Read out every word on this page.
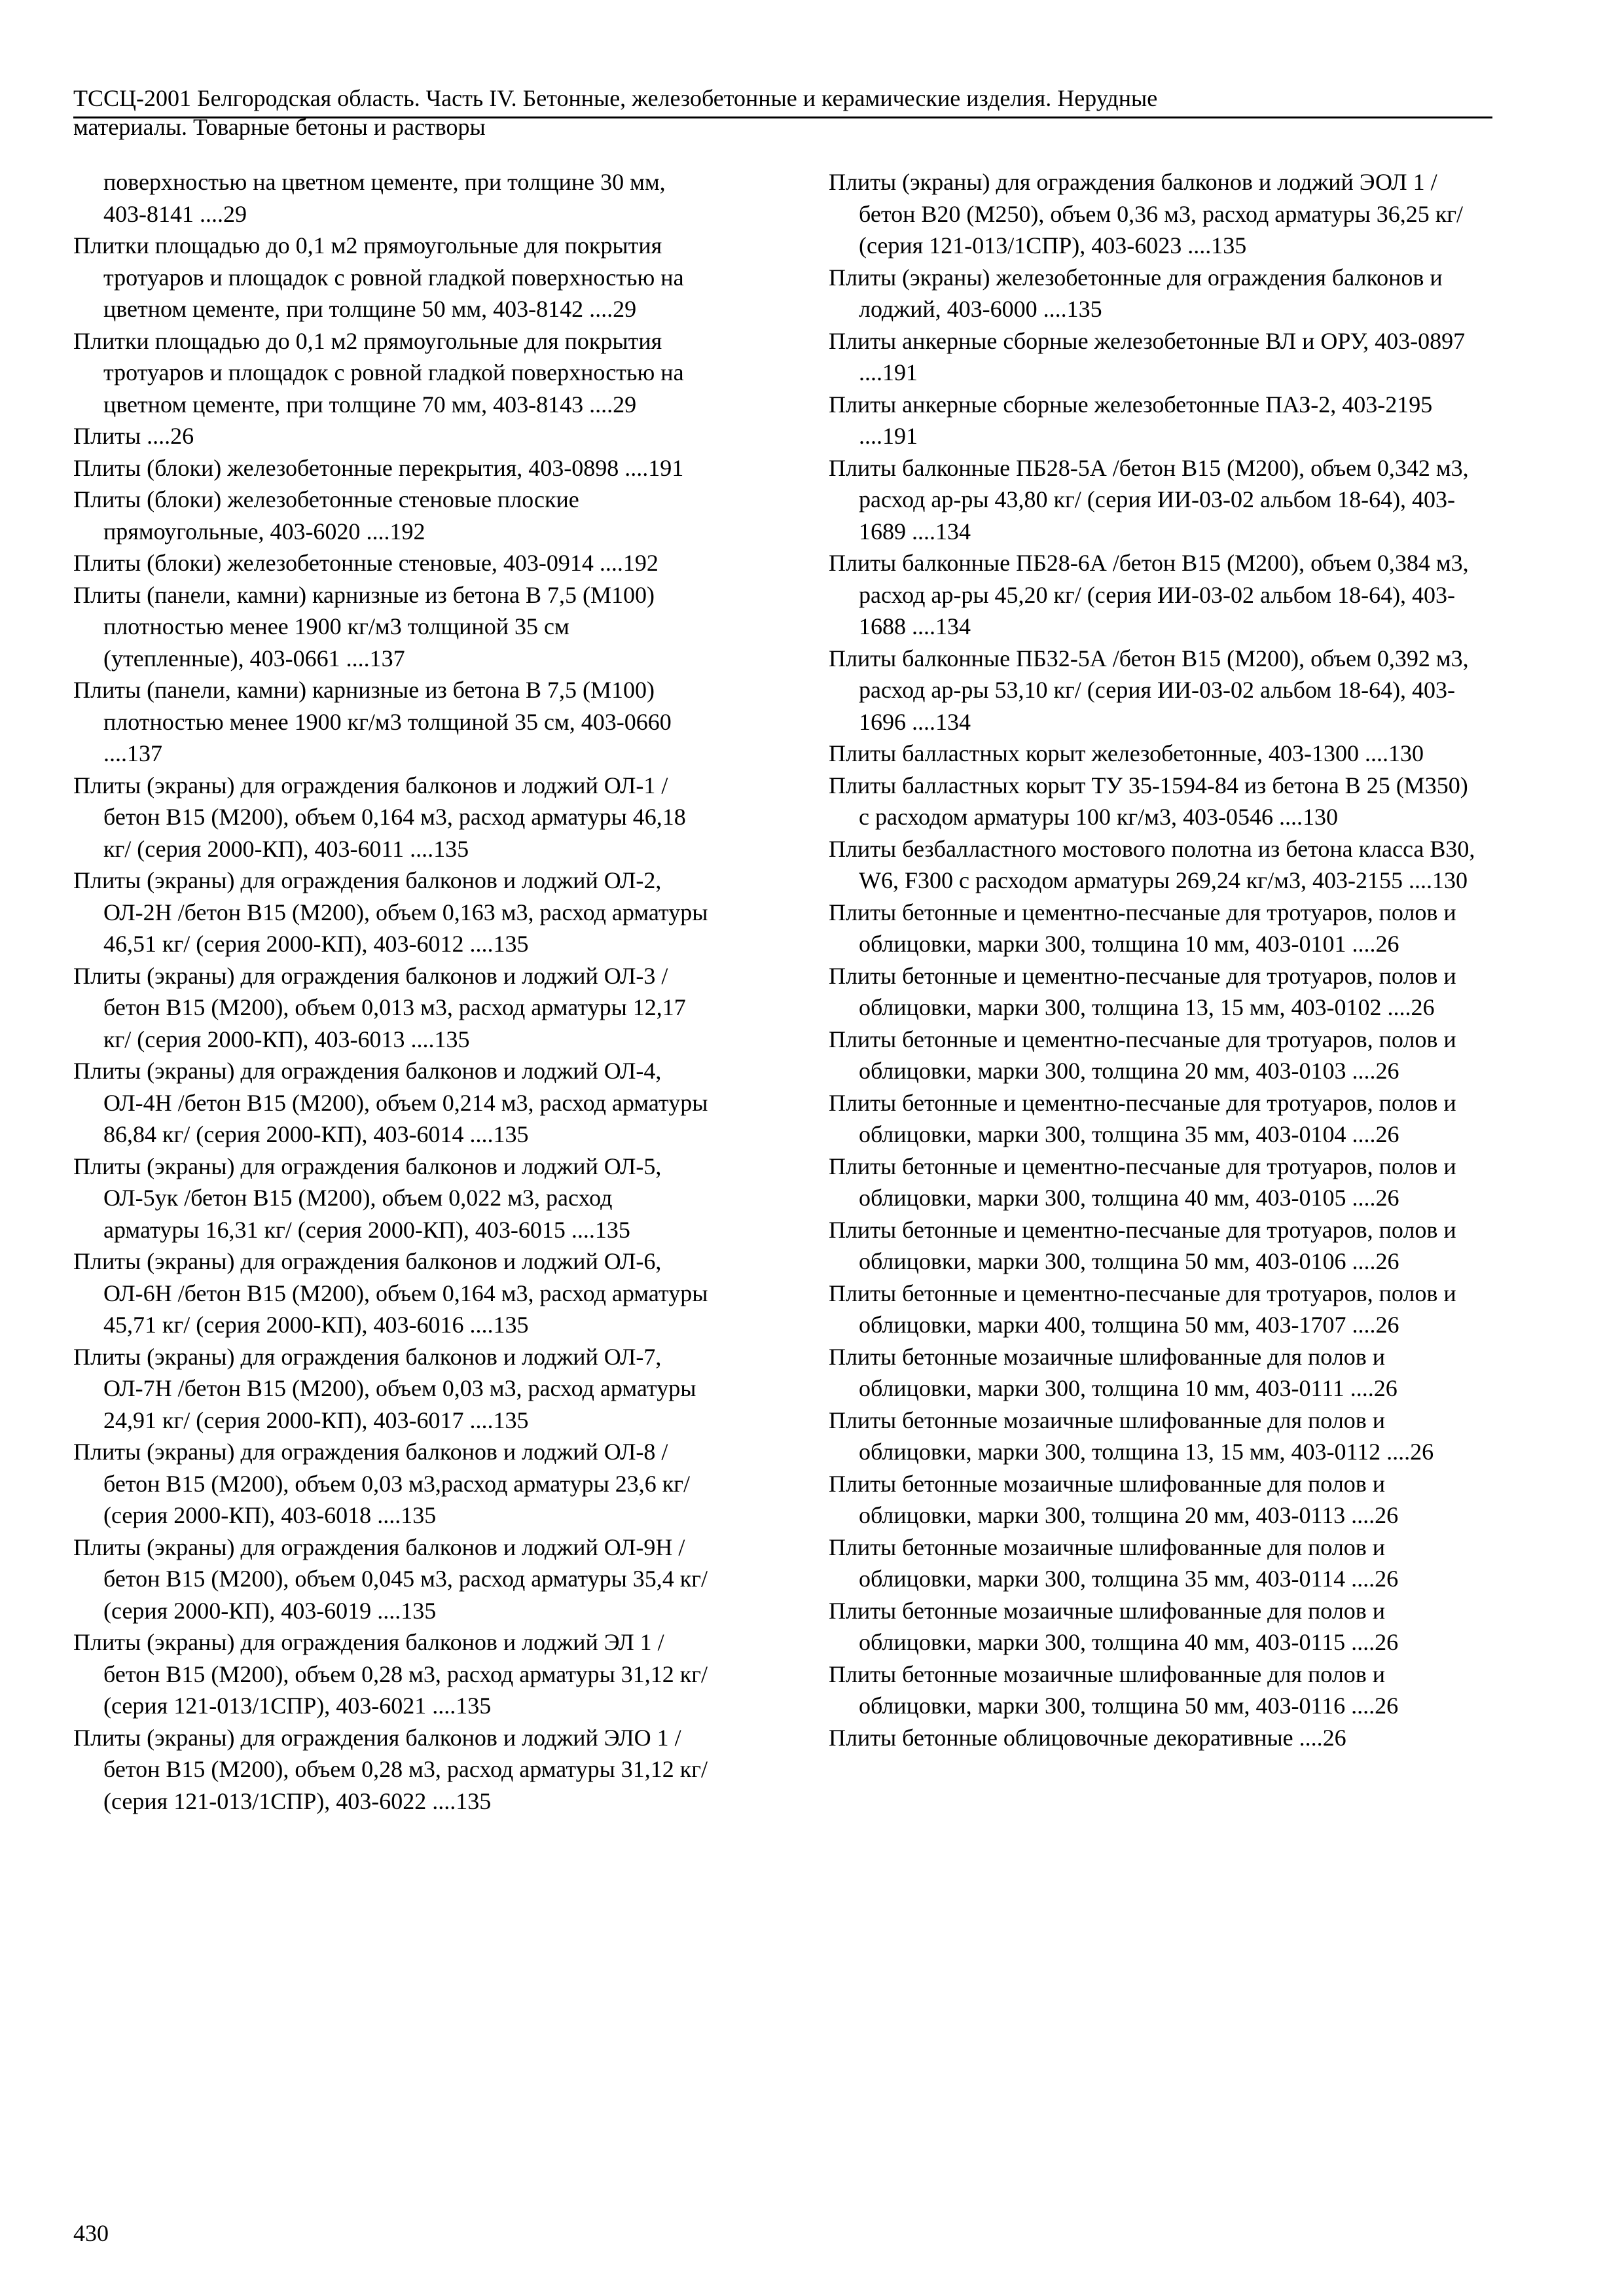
ТССЦ-2001 Белгородская область. Часть IV. Бетонные, железобетонные и керамические изделия. Нерудные
материалы. Товарные бетоны и растворы

поверхностью на цветном цементе, при толщине 30 мм, 403-8141 ....29

Плитки площадью до 0,1 м2 прямоугольные для покрытия тротуаров и площадок с ровной гладкой поверхностью на цветном цементе, при толщине 50 мм, 403-8142 ....29

Плитки площадью до 0,1 м2 прямоугольные для покрытия тротуаров и площадок с ровной гладкой поверхностью на цветном цементе, при толщине 70 мм, 403-8143 ....29

Плиты ....26

Плиты (блоки) железобетонные перекрытия, 403-0898 ....191

Плиты (блоки) железобетонные стеновые плоские прямоугольные, 403-6020 ....192

Плиты (блоки) железобетонные стеновые, 403-0914 ....192

Плиты (панели, камни) карнизные из бетона В 7,5 (М100) плотностью менее 1900 кг/м3 толщиной 35 см (утепленные), 403-0661 ....137

Плиты (панели, камни) карнизные из бетона В 7,5 (М100) плотностью менее 1900 кг/м3 толщиной 35 см, 403-0660 ....137

Плиты (экраны) для ограждения балконов и лоджий ОЛ-1 /бетон В15 (М200), объем 0,164 м3, расход арматуры 46,18 кг/ (серия 2000-КП), 403-6011 ....135

Плиты (экраны) для ограждения балконов и лоджий ОЛ-2, ОЛ-2Н /бетон В15 (М200), объем 0,163 м3, расход арматуры 46,51 кг/ (серия 2000-КП), 403-6012 ....135

Плиты (экраны) для ограждения балконов и лоджий ОЛ-3 /бетон В15 (М200), объем 0,013 м3, расход арматуры 12,17 кг/ (серия 2000-КП), 403-6013 ....135

Плиты (экраны) для ограждения балконов и лоджий ОЛ-4, ОЛ-4Н /бетон В15 (М200), объем 0,214 м3, расход арматуры 86,84 кг/ (серия 2000-КП), 403-6014 ....135

Плиты (экраны) для ограждения балконов и лоджий ОЛ-5, ОЛ-5ук /бетон В15 (М200), объем 0,022 м3, расход арматуры 16,31 кг/ (серия 2000-КП), 403-6015 ....135

Плиты (экраны) для ограждения балконов и лоджий ОЛ-6, ОЛ-6Н /бетон В15 (М200), объем 0,164 м3, расход арматуры 45,71 кг/ (серия 2000-КП), 403-6016 ....135

Плиты (экраны) для ограждения балконов и лоджий ОЛ-7, ОЛ-7Н /бетон В15 (М200), объем 0,03 м3, расход арматуры 24,91 кг/ (серия 2000-КП), 403-6017 ....135

Плиты (экраны) для ограждения балконов и лоджий ОЛ-8 /бетон В15 (М200), объем 0,03 м3,расход арматуры 23,6 кг/ (серия 2000-КП), 403-6018 ....135

Плиты (экраны) для ограждения балконов и лоджий ОЛ-9Н /бетон В15 (М200), объем 0,045 м3, расход арматуры 35,4 кг/ (серия 2000-КП), 403-6019 ....135

Плиты (экраны) для ограждения балконов и лоджий ЭЛ 1 /бетон В15 (М200), объем 0,28 м3, расход арматуры 31,12 кг/ (серия 121-013/1СПР), 403-6021 ....135

Плиты (экраны) для ограждения балконов и лоджий ЭЛО 1 /бетон В15 (М200), объем 0,28 м3, расход арматуры 31,12 кг/ (серия 121-013/1СПР), 403-6022 ....135

Плиты (экраны) для ограждения балконов и лоджий ЭОЛ 1 /бетон В20 (М250), объем 0,36 м3, расход арматуры 36,25 кг/ (серия 121-013/1СПР), 403-6023 ....135

Плиты (экраны) железобетонные для ограждения балконов и лоджий, 403-6000 ....135

Плиты анкерные сборные железобетонные ВЛ и ОРУ, 403-0897 ....191

Плиты анкерные сборные железобетонные ПАЗ-2, 403-2195 ....191

Плиты балконные ПБ28-5А /бетон В15 (М200), объем 0,342 м3, расход ар-ры 43,80 кг/ (серия ИИ-03-02 альбом 18-64), 403-1689 ....134

Плиты балконные ПБ28-6А /бетон В15 (М200), объем 0,384 м3, расход ар-ры 45,20 кг/ (серия ИИ-03-02 альбом 18-64), 403-1688 ....134

Плиты балконные ПБ32-5А /бетон В15 (М200), объем 0,392 м3, расход ар-ры 53,10 кг/ (серия ИИ-03-02 альбом 18-64), 403-1696 ....134

Плиты балластных корыт железобетонные, 403-1300 ....130

Плиты балластных корыт ТУ 35-1594-84 из бетона В 25 (М350) с расходом арматуры 100 кг/м3, 403-0546 ....130

Плиты безбалластного мостового полотна из бетона класса В30, W6, F300 с расходом арматуры 269,24 кг/м3, 403-2155 ....130

Плиты бетонные и цементно-песчаные для тротуаров, полов и облицовки, марки 300, толщина 10 мм, 403-0101 ....26

Плиты бетонные и цементно-песчаные для тротуаров, полов и облицовки, марки 300, толщина 13, 15 мм, 403-0102 ....26

Плиты бетонные и цементно-песчаные для тротуаров, полов и облицовки, марки 300, толщина 20 мм, 403-0103 ....26

Плиты бетонные и цементно-песчаные для тротуаров, полов и облицовки, марки 300, толщина 35 мм, 403-0104 ....26

Плиты бетонные и цементно-песчаные для тротуаров, полов и облицовки, марки 300, толщина 40 мм, 403-0105 ....26

Плиты бетонные и цементно-песчаные для тротуаров, полов и облицовки, марки 300, толщина 50 мм, 403-0106 ....26

Плиты бетонные и цементно-песчаные для тротуаров, полов и облицовки, марки 400, толщина 50 мм, 403-1707 ....26

Плиты бетонные мозаичные шлифованные для полов и облицовки, марки 300, толщина 10 мм, 403-0111 ....26

Плиты бетонные мозаичные шлифованные для полов и облицовки, марки 300, толщина 13, 15 мм, 403-0112 ....26

Плиты бетонные мозаичные шлифованные для полов и облицовки, марки 300, толщина 20 мм, 403-0113 ....26

Плиты бетонные мозаичные шлифованные для полов и облицовки, марки 300, толщина 35 мм, 403-0114 ....26

Плиты бетонные мозаичные шлифованные для полов и облицовки, марки 300, толщина 40 мм, 403-0115 ....26

Плиты бетонные мозаичные шлифованные для полов и облицовки, марки 300, толщина 50 мм, 403-0116 ....26

Плиты бетонные облицовочные декоративные ....26

430
